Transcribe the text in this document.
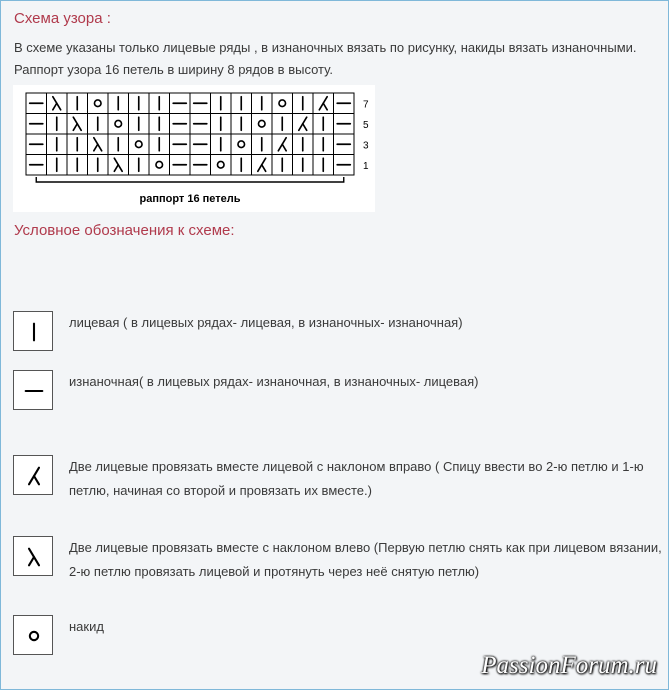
Схема узора :
В схеме указаны только лицевые ряды , в изнаночных вязать по рисунку, накиды вязать изнаночными. Раппорт узора 16 петель в ширину 8 рядов в высоту.
7
5
3
1
раппорт 16 петель
Условное обозначения к схеме:
лицевая ( в лицевых рядах- лицевая, в изнаночных- изнаночная)
изнаночная( в лицевых рядах- изнаночная, в изнаночных- лицевая)
Две лицевые провязать вместе лицевой с наклоном вправо ( Спицу ввести во 2-ю петлю и 1-ю петлю, начиная со второй и провязать их вместе.)
Две лицевые провязать вместе с наклоном влево (Первую петлю снять как при лицевом вязании, 2-ю петлю провязать лицевой и протянуть через неё снятую петлю)
накид
PassionForum.ru
